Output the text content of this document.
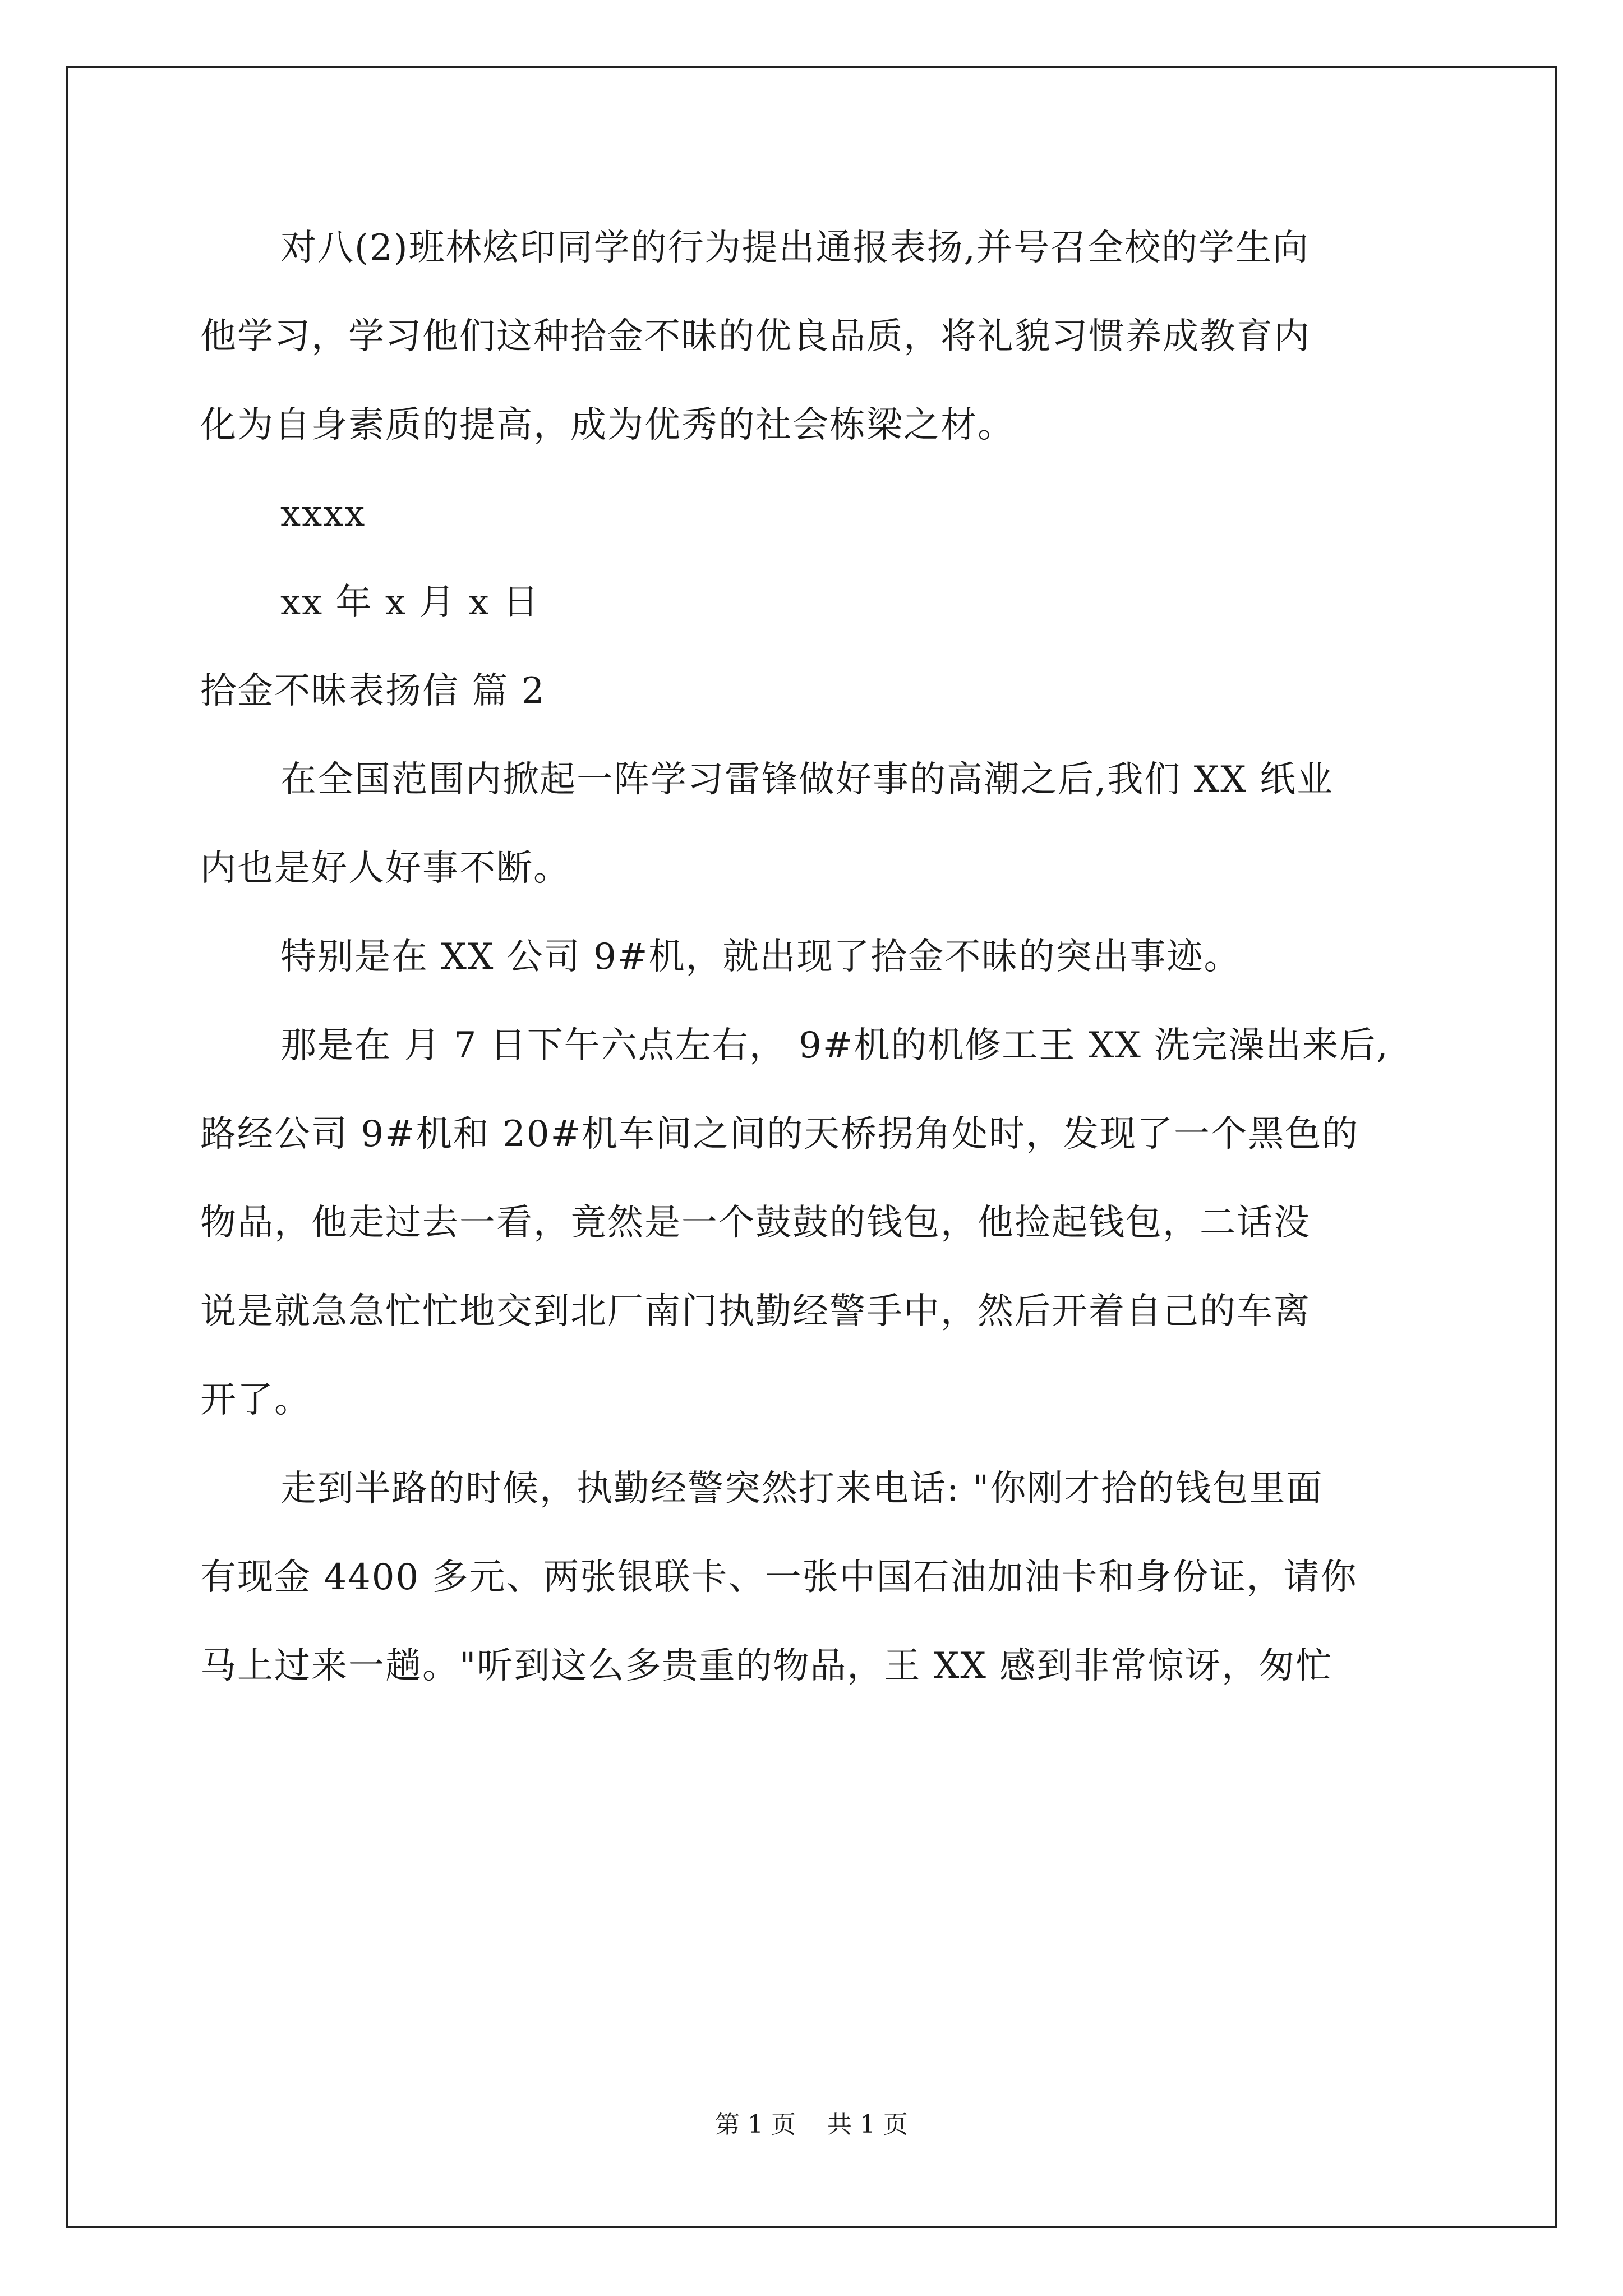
对八(2)班林炫印同学的行为提出通报表扬,并号召全校的学生向
他学习，学习他们这种拾金不昧的优良品质，将礼貌习惯养成教育内
化为自身素质的提高，成为优秀的社会栋梁之材。
xxxx
xx 年 x 月 x 日
拾金不昧表扬信 篇 2
在全国范围内掀起一阵学习雷锋做好事的高潮之后,我们 XX 纸业
内也是好人好事不断。
特别是在 XX 公司 9#机，就出现了拾金不昧的突出事迹。
那是在 月 7 日下午六点左右， 9#机的机修工王 XX 洗完澡出来后,
路经公司 9#机和 20#机车间之间的天桥拐角处时，发现了一个黑色的
物品，他走过去一看，竟然是一个鼓鼓的钱包，他捡起钱包，二话没
说是就急急忙忙地交到北厂南门执勤经警手中，然后开着自己的车离
开了。
走到半路的时候，执勤经警突然打来电话: "你刚才拾的钱包里面
有现金 4400 多元、两张银联卡、一张中国石油加油卡和身份证，请你
马上过来一趟。"听到这么多贵重的物品，王 XX 感到非常惊讶，匆忙
第 1 页    共 1 页
